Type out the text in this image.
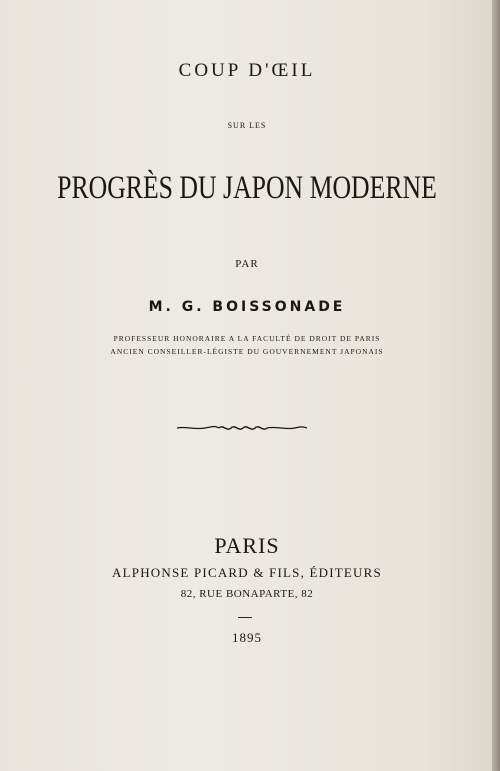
COUP D'ŒIL
SUR LES
PROGRÈS DU JAPON MODERNE
PAR
M. G. BOISSONADE
PROFESSEUR HONORAIRE A LA FACULTÉ DE DROIT DE PARIS
ANCIEN CONSEILLER-LÉGISTE DU GOUVERNEMENT JAPONAIS
PARIS
ALPHONSE PICARD & FILS, ÉDITEURS
82, RUE BONAPARTE, 82
1895
